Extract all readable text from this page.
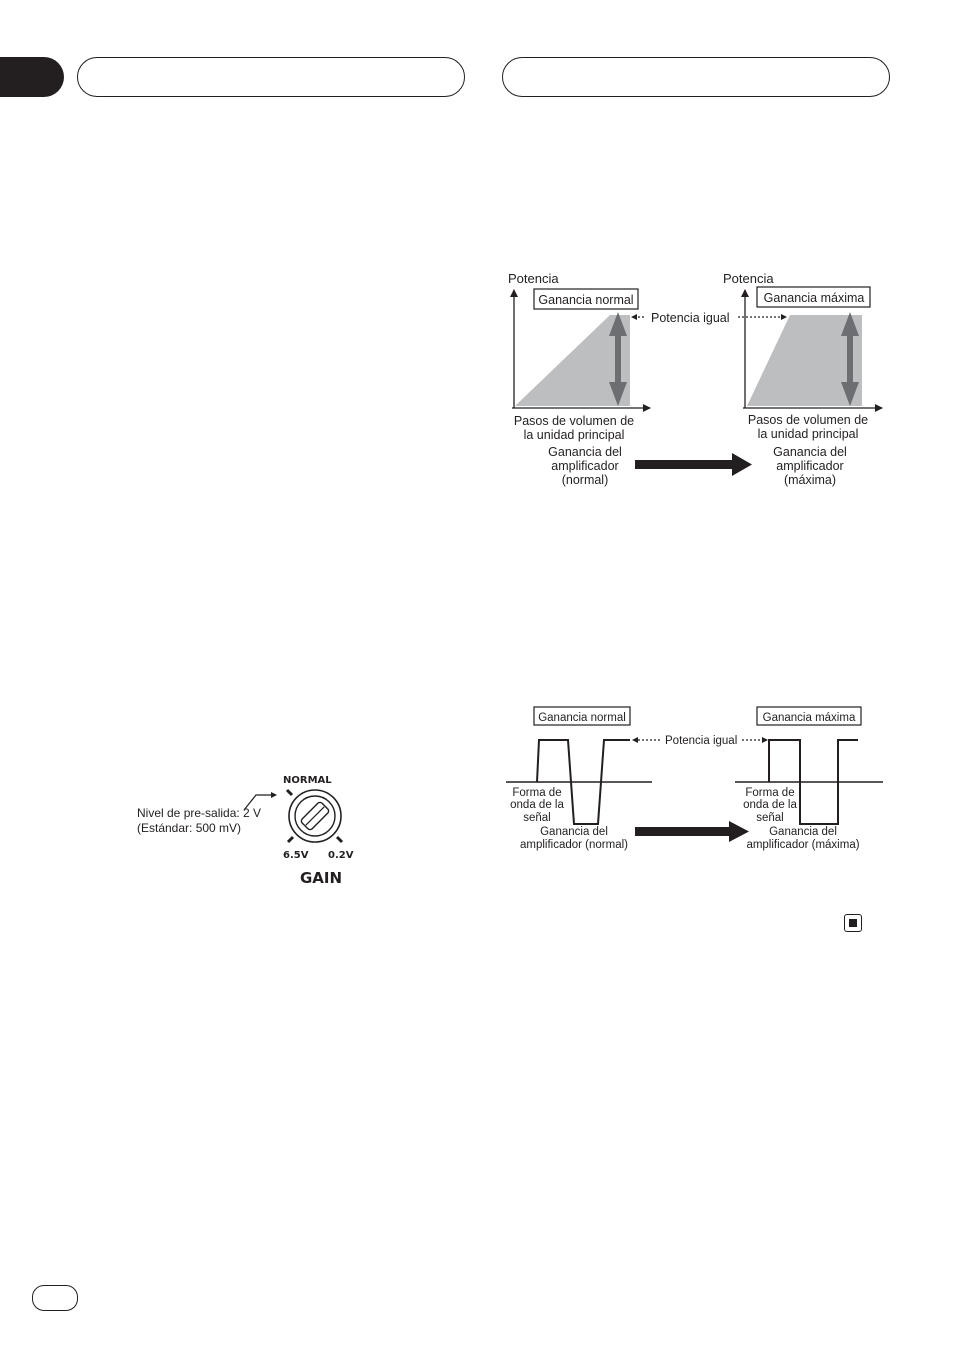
Nivel de pre-salida: 2 V
(Estándar: 500 mV)
NORMAL
6.5V 0.2V
GAIN
Potencia
Ganancia normal
Pasos de volumen de
la unidad principal
Ganancia del
amplificador
(normal)
Potencia igual
Potencia
Ganancia máxima
Pasos de volumen de
la unidad principal
Ganancia del
amplificador
(máxima)
Ganancia normal
Forma de
onda de la
señal
Ganancia del
amplificador (normal)
Potencia igual
Ganancia máxima
Forma de
onda de la
señal
Ganancia del
amplificador (máxima)
